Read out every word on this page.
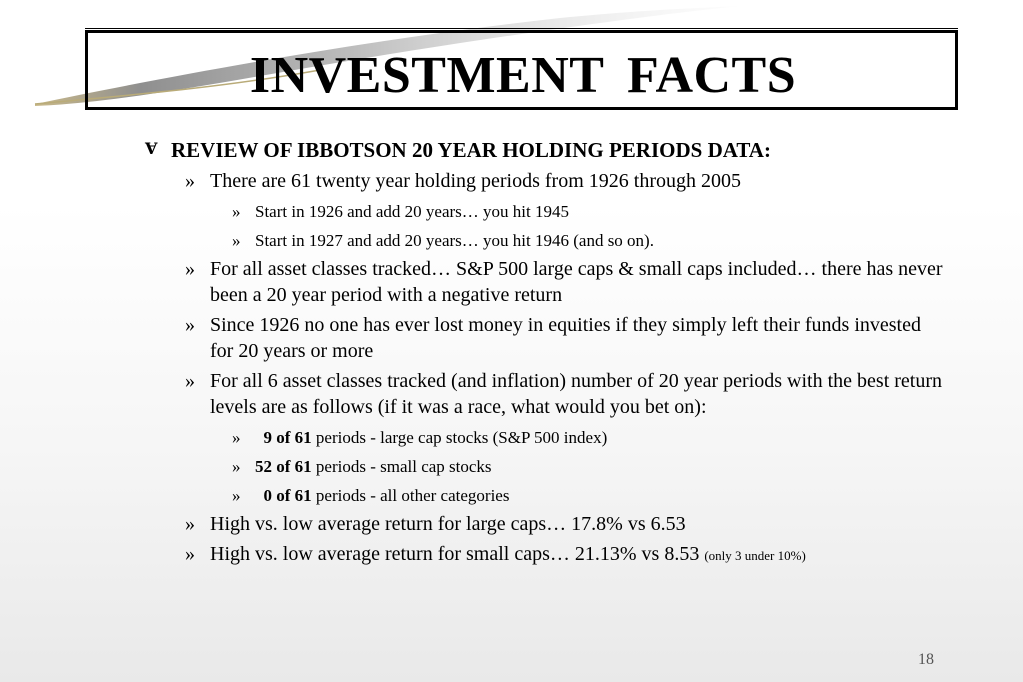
INVESTMENT FACTS
Ɐ REVIEW OF IBBOTSON 20 YEAR HOLDING PERIODS DATA:
» There are 61 twenty year holding periods from 1926 through 2005
» Start in 1926 and add 20 years… you hit 1945
» Start in 1927 and add 20 years… you hit 1946 (and so on).
» For all asset classes tracked… S&P 500 large caps & small caps included… there has never been a 20 year period with a negative return
» Since 1926 no one has ever lost money in equities if they simply left their funds invested for 20 years or more
» For all 6 asset classes tracked (and inflation) number of 20 year periods with the best return levels are as follows (if it was a race, what would you bet on):
»	9 of 61 periods - large cap stocks (S&P 500 index)
» 52 of 61 periods - small cap stocks
»	0 of 61 periods - all other categories
» High vs. low average return for large caps… 17.8% vs 6.53
» High vs. low average return for small caps… 21.13% vs 8.53 (only 3 under 10%)
18
